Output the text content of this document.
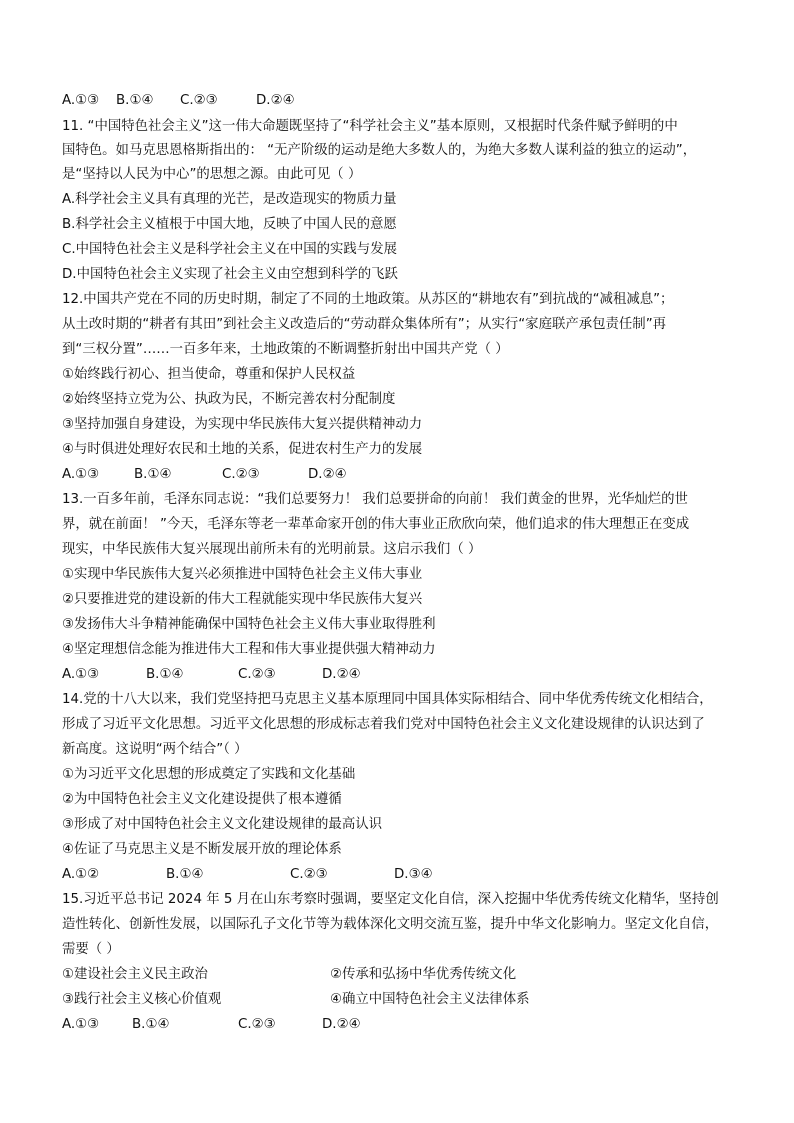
A.①③ B.①④ C.②③	D.②④
11. “中国特色社会主义”这一伟大命题既坚持了“科学社会主义”基本原则，又根据时代条件赋予鲜明的中
国特色。如马克思恩格斯指出的： “无产阶级的运动是绝大多数人的，为绝大多数人谋利益的独立的运动”，
是“坚持以人民为中心”的思想之源。由此可见（ ）
A.科学社会主义具有真理的光芒，是改造现实的物质力量
B.科学社会主义植根于中国大地，反映了中国人民的意愿
C.中国特色社会主义是科学社会主义在中国的实践与发展
D.中国特色社会主义实现了社会主义由空想到科学的飞跃
12.中国共产党在不同的历史时期，制定了不同的土地政策。从苏区的“耕地农有”到抗战的“减租减息”；
从土改时期的“耕者有其田”到社会主义改造后的“劳动群众集体所有”；从实行“家庭联产承包责任制”再
到“三权分置”……一百多年来，土地政策的不断调整折射出中国共产党（ ）
①始终践行初心、担当使命，尊重和保护人民权益
②始终坚持立党为公、执政为民，不断完善农村分配制度
③坚持加强自身建设，为实现中华民族伟大复兴提供精神动力
④与时俱进处理好农民和土地的关系，促进农村生产力的发展
A.①③	B.①④	C.②③	D.②④
13.一百多年前，毛泽东同志说：“我们总要努力！ 我们总要拼命的向前！ 我们黄金的世界，光华灿烂的世
界，就在前面！ ”今天，毛泽东等老一辈革命家开创的伟大事业正欣欣向荣，他们追求的伟大理想正在变成
现实，中华民族伟大复兴展现出前所未有的光明前景。这启示我们（ ）
①实现中华民族伟大复兴必须推进中国特色社会主义伟大事业
②只要推进党的建设新的伟大工程就能实现中华民族伟大复兴
③发扬伟大斗争精神能确保中国特色社会主义伟大事业取得胜利
④坚定理想信念能为推进伟大工程和伟大事业提供强大精神动力
A.①③	B.①④	C.②③	D.②④
14.党的十八大以来，我们党坚持把马克思主义基本原理同中国具体实际相结合、同中华优秀传统文化相结合，
形成了习近平文化思想。习近平文化思想的形成标志着我们党对中国特色社会主义文化建设规律的认识达到了
新高度。这说明“两个结合”（ ）
①为习近平文化思想的形成奠定了实践和文化基础
②为中国特色社会主义文化建设提供了根本遵循
③形成了对中国特色社会主义文化建设规律的最高认识
④佐证了马克思主义是不断发展开放的理论体系
A.①②	B.①④	C.②③	D.③④
15.习近平总书记 2024 年 5 月在山东考察时强调，要坚定文化自信，深入挖掘中华优秀传统文化精华，坚持创
造性转化、创新性发展，以国际孔子文化节等为载体深化文明交流互鉴，提升中华文化影响力。坚定文化自信，
需要（ ）
①建设社会主义民主政治	②传承和弘扬中华优秀传统文化
③践行社会主义核心价值观	④确立中国特色社会主义法律体系
A.①③ B.①④	C.②③	D.②④
